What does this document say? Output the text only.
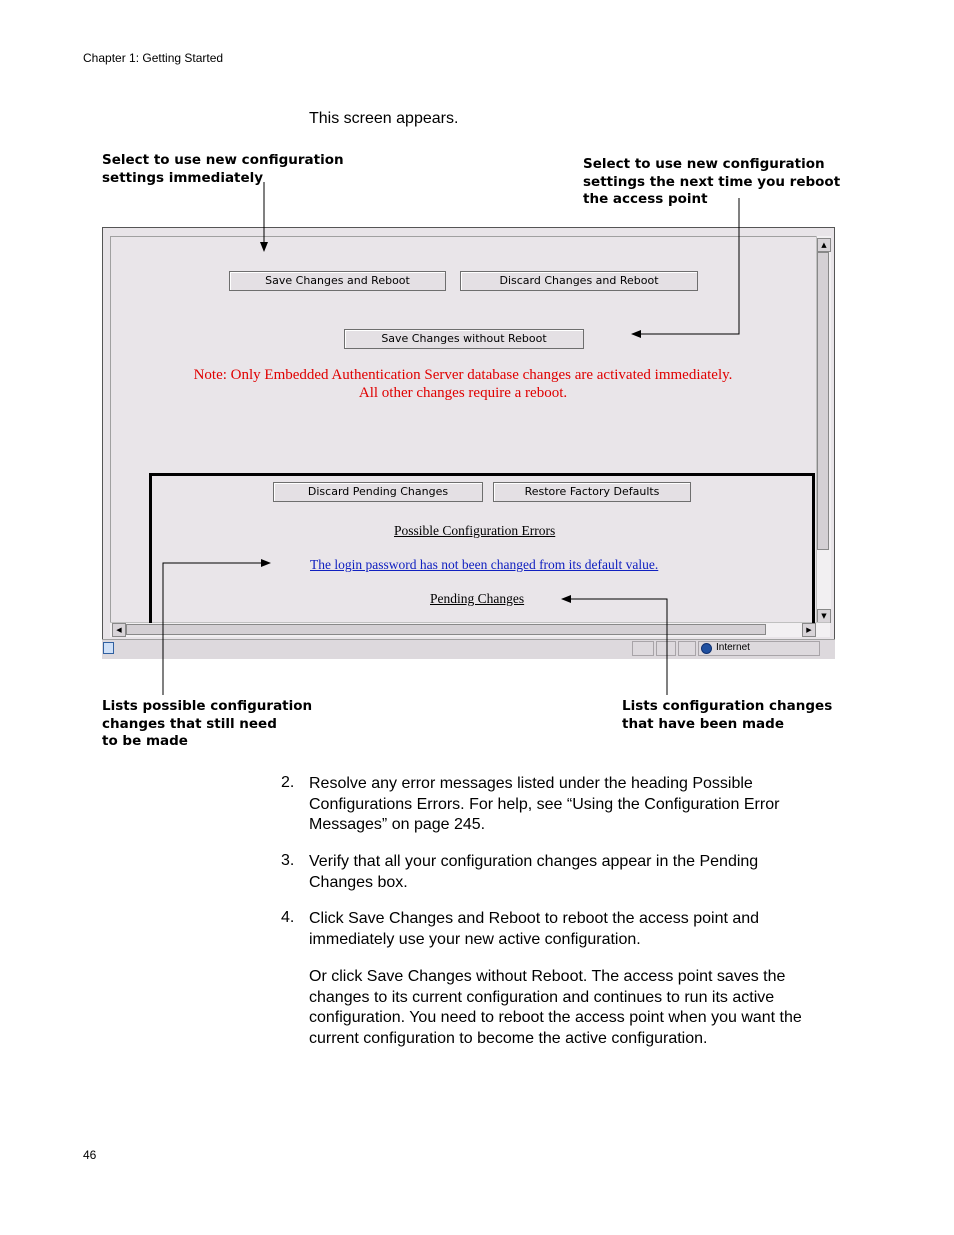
Chapter 1: Getting Started
This screen appears.
Select to use new configuration
settings immediately
Select to use new configuration
settings the next time you reboot
the access point
Lists possible configuration
changes that still need
to be made
Lists configuration changes
that have been made
▲
▼
◀	▶
Internet
Save Changes and Reboot	Discard Changes and Reboot
Save Changes without Reboot
Note: Only Embedded Authentication Server database changes are activated immediately.
All other changes require a reboot.
Discard Pending Changes	Restore Factory Defaults
Possible Configuration Errors
The login password has not been changed from its default value.
Pending Changes
2. Resolve any error messages listed under the heading Possible
Configurations Errors. For help, see “Using the Configuration Error
Messages” on page 245.
3. Verify that all your configuration changes appear in the Pending
Changes box.
4. Click Save Changes and Reboot to reboot the access point and
immediately use your new active configuration.
Or click Save Changes without Reboot. The access point saves the
changes to its current configuration and continues to run its active
configuration. You need to reboot the access point when you want the
current configuration to become the active configuration.
46
